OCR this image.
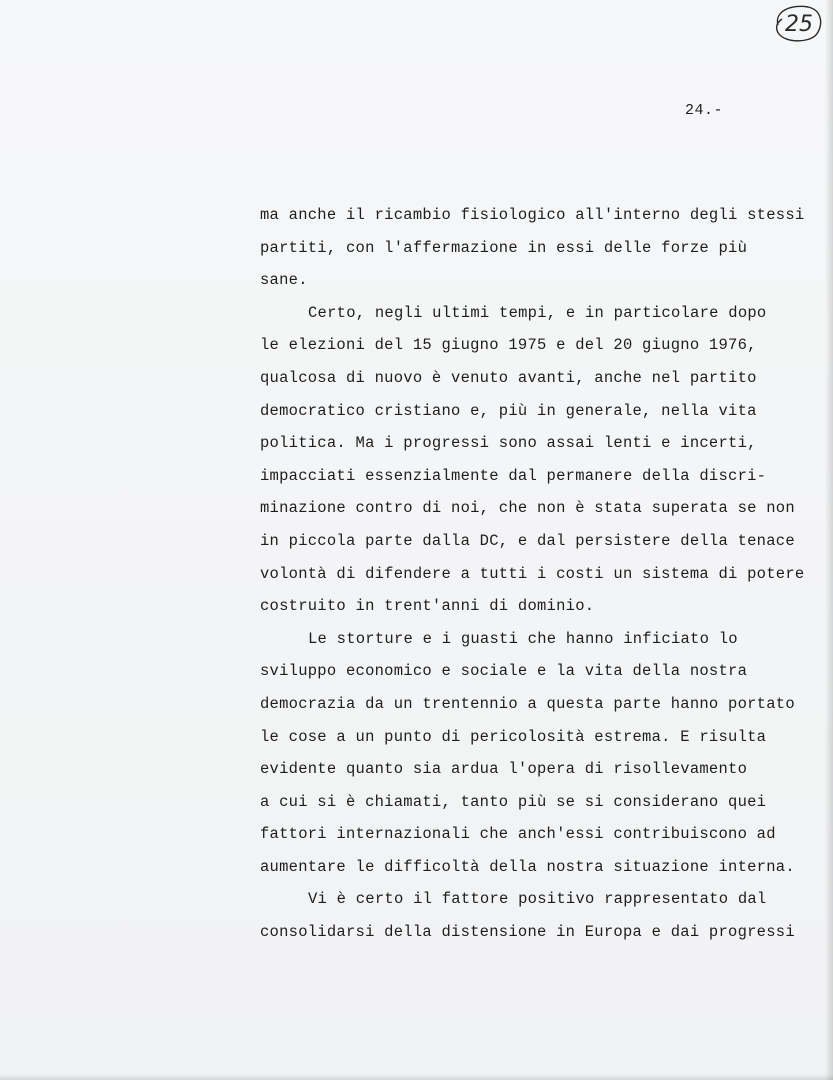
25
24.-
ma anche il ricambio fisiologico all'interno degli stessi
partiti, con l'affermazione in essi delle forze più
sane.
Certo, negli ultimi tempi, e in particolare dopo
le elezioni del 15 giugno 1975 e del 20 giugno 1976,
qualcosa di nuovo è venuto avanti, anche nel partito
democratico cristiano e, più in generale, nella vita
politica. Ma i progressi sono assai lenti e incerti,
impacciati essenzialmente dal permanere della discri-
minazione contro di noi, che non è stata superata se non
in piccola parte dalla DC, e dal persistere della tenace
volontà di difendere a tutti i costi un sistema di potere
costruito in trent'anni di dominio.
Le storture e i guasti che hanno inficiato lo
sviluppo economico e sociale e la vita della nostra
democrazia da un trentennio a questa parte hanno portato
le cose a un punto di pericolosità estrema. E risulta
evidente quanto sia ardua l'opera di risollevamento
a cui si è chiamati, tanto più se si considerano quei
fattori internazionali che anch'essi contribuiscono ad
aumentare le difficoltà della nostra situazione interna.
Vi è certo il fattore positivo rappresentato dal
consolidarsi della distensione in Europa e dai progressi
